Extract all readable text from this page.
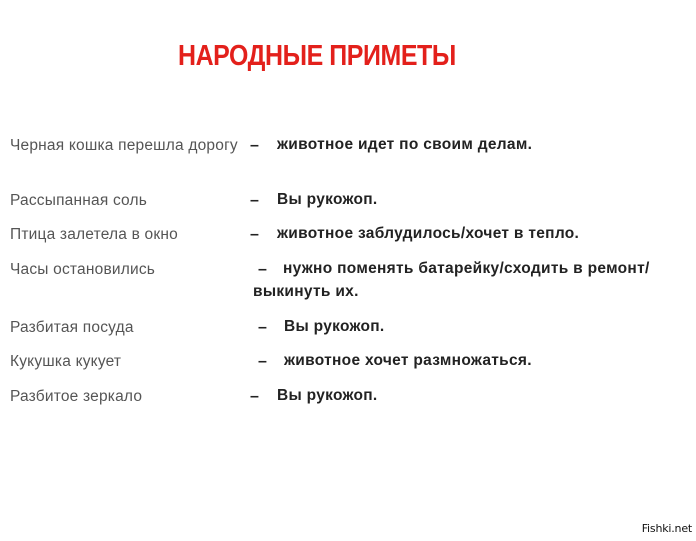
НАРОДНЫЕ ПРИМЕТЫ
Черная кошка перешла дорогу – животное идет по своим делам.
Рассыпанная соль	– Вы рукожоп.
Птица залетела в окно	– животное заблудилось/хочет в тепло.
Часы остановились	–	нужно поменять батарейку/сходить в ремонт/выкинуть их.
Разбитая посуда	– Вы рукожоп.
Кукушка кукует	– животное хочет размножаться.
Разбитое зеркало	– Вы рукожоп.
Fishki.net
